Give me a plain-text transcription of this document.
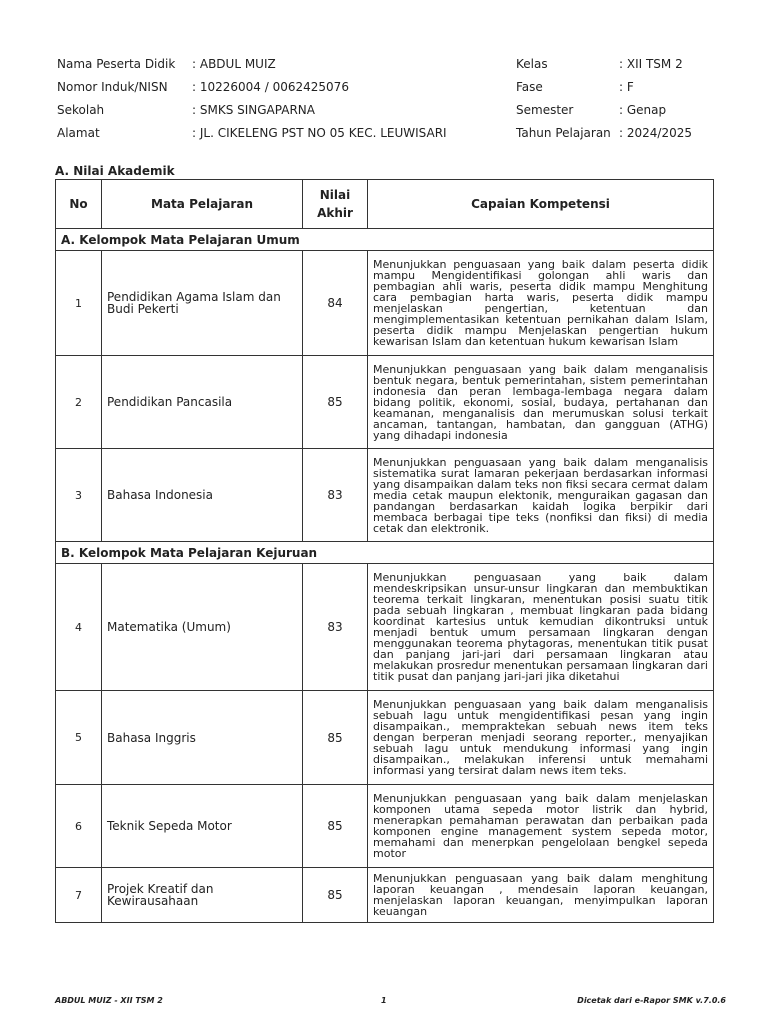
Nama Peserta Didik : ABDUL MUIZ
Nomor Induk/NISN : 10226004 / 0062425076
Sekolah	: SMKS SINGAPARNA
Alamat	: JL. CIKELENG PST NO 05 KEC. LEUWISARI
Kelas	: XII TSM 2
Fase	: F
Semester	: Genap
Tahun Pelajaran : 2024/2025
A. Nilai Akademik
No	Mata Pelajaran	Nilai
Akhir	Capaian Kompetensi
A. Kelompok Mata Pelajaran Umum			
1	Pendidikan Agama Islam dan Budi Pekerti	84	Menunjukkan penguasaan yang baik dalam peserta didik mampu Mengidentifikasi golongan ahli waris dan pembagian ahli waris, peserta didik mampu Menghitung cara pembagian harta waris, peserta didik mampu menjelaskan pengertian, ketentuan dan mengimplementasikan ketentuan pernikahan dalam Islam, peserta didik mampu Menjelaskan pengertian hukum kewarisan Islam dan ketentuan hukum kewarisan Islam
2	Pendidikan Pancasila	85	Menunjukkan penguasaan yang baik dalam menganalisis bentuk negara, bentuk pemerintahan, sistem pemerintahan indonesia dan peran lembaga-lembaga negara dalam bidang politik, ekonomi, sosial, budaya, pertahanan dan keamanan, menganalisis dan merumuskan solusi terkait ancaman, tantangan, hambatan, dan gangguan (ATHG) yang dihadapi indonesia
3	Bahasa Indonesia	83	Menunjukkan penguasaan yang baik dalam menganalisis sistematika surat lamaran pekerjaan berdasarkan informasi yang disampaikan dalam teks non fiksi secara cermat dalam media cetak maupun elektonik, menguraikan gagasan dan pandangan berdasarkan kaidah logika berpikir dari membaca berbagai tipe teks (nonfiksi dan fiksi) di media cetak dan elektronik.
B. Kelompok Mata Pelajaran Kejuruan			
4	Matematika (Umum)	83	Menunjukkan penguasaan yang baik dalam mendeskripsikan unsur-unsur lingkaran dan membuktikan teorema terkait lingkaran, menentukan posisi suatu titik pada sebuah lingkaran , membuat lingkaran pada bidang koordinat kartesius untuk kemudian dikontruksi untuk menjadi bentuk umum persamaan lingkaran dengan menggunakan teorema phytagoras, menentukan titik pusat dan panjang jari-jari dari persamaan lingkaran atau melakukan prosredur menentukan persamaan lingkaran dari titik pusat dan panjang jari-jari jika diketahui
5	Bahasa Inggris	85	Menunjukkan penguasaan yang baik dalam menganalisis sebuah lagu untuk mengidentifikasi pesan yang ingin disampaikan., mempraktekan sebuah news item teks dengan berperan menjadi seorang reporter., menyajikan sebuah lagu untuk mendukung informasi yang ingin disampaikan., melakukan inferensi untuk memahami informasi yang tersirat dalam news item teks.
6	Teknik Sepeda Motor	85	Menunjukkan penguasaan yang baik dalam menjelaskan komponen utama sepeda motor listrik dan hybrid, menerapkan pemahaman perawatan dan perbaikan pada komponen engine management system sepeda motor, memahami dan menerpkan pengelolaan bengkel sepeda motor
7	Projek Kreatif dan Kewirausahaan	85	Menunjukkan penguasaan yang baik dalam menghitung laporan keuangan , mendesain laporan keuangan, menjelaskan laporan keuangan, menyimpulkan laporan keuangan
ABDUL MUIZ - XII TSM 2	1	Dicetak dari e-Rapor SMK v.7.0.6
